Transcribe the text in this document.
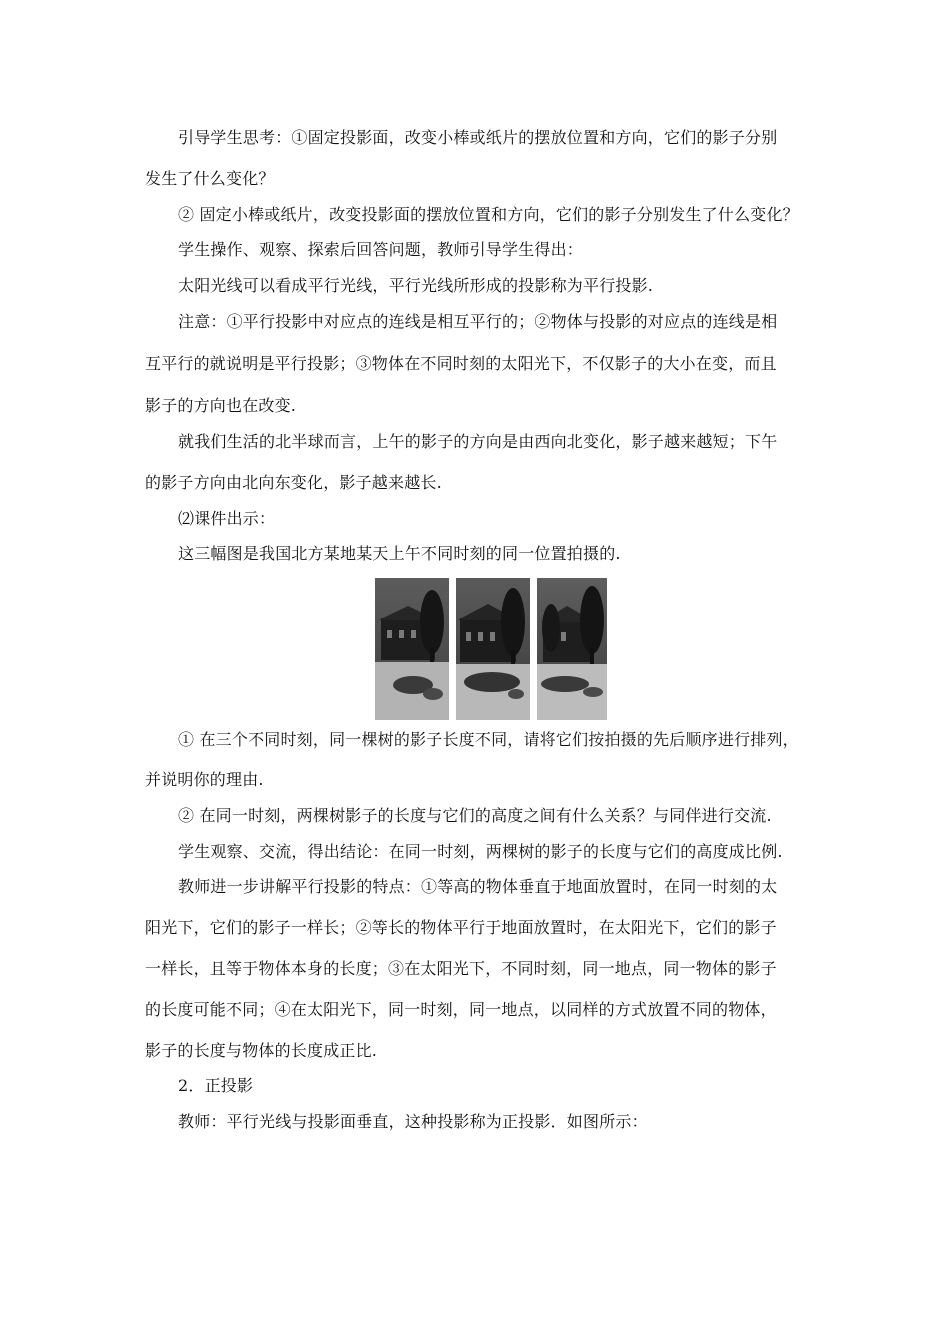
引导学生思考：①固定投影面，改变小棒或纸片的摆放位置和方向，它们的影子分别
发生了什么变化？
② 固定小棒或纸片，改变投影面的摆放位置和方向，它们的影子分别发生了什么变化？
学生操作、观察、探索后回答问题，教师引导学生得出：
太阳光线可以看成平行光线，平行光线所形成的投影称为平行投影.
注意：①平行投影中对应点的连线是相互平行的；②物体与投影的对应点的连线是相
互平行的就说明是平行投影；③物体在不同时刻的太阳光下，不仅影子的大小在变，而且
影子的方向也在改变.
就我们生活的北半球而言，上午的影子的方向是由西向北变化，影子越来越短；下午
的影子方向由北向东变化，影子越来越长.
⑵课件出示：
这三幅图是我国北方某地某天上午不同时刻的同一位置拍摄的.
① 在三个不同时刻，同一棵树的影子长度不同，请将它们按拍摄的先后顺序进行排列，
并说明你的理由.
② 在同一时刻，两棵树影子的长度与它们的高度之间有什么关系？与同伴进行交流.
学生观察、交流，得出结论：在同一时刻，两棵树的影子的长度与它们的高度成比例.
教师进一步讲解平行投影的特点：①等高的物体垂直于地面放置时，在同一时刻的太
阳光下，它们的影子一样长；②等长的物体平行于地面放置时，在太阳光下，它们的影子
一样长，且等于物体本身的长度；③在太阳光下，不同时刻，同一地点，同一物体的影子
的长度可能不同；④在太阳光下，同一时刻，同一地点，以同样的方式放置不同的物体，
影子的长度与物体的长度成正比.
2．正投影
教师：平行光线与投影面垂直，这种投影称为正投影．如图所示：
